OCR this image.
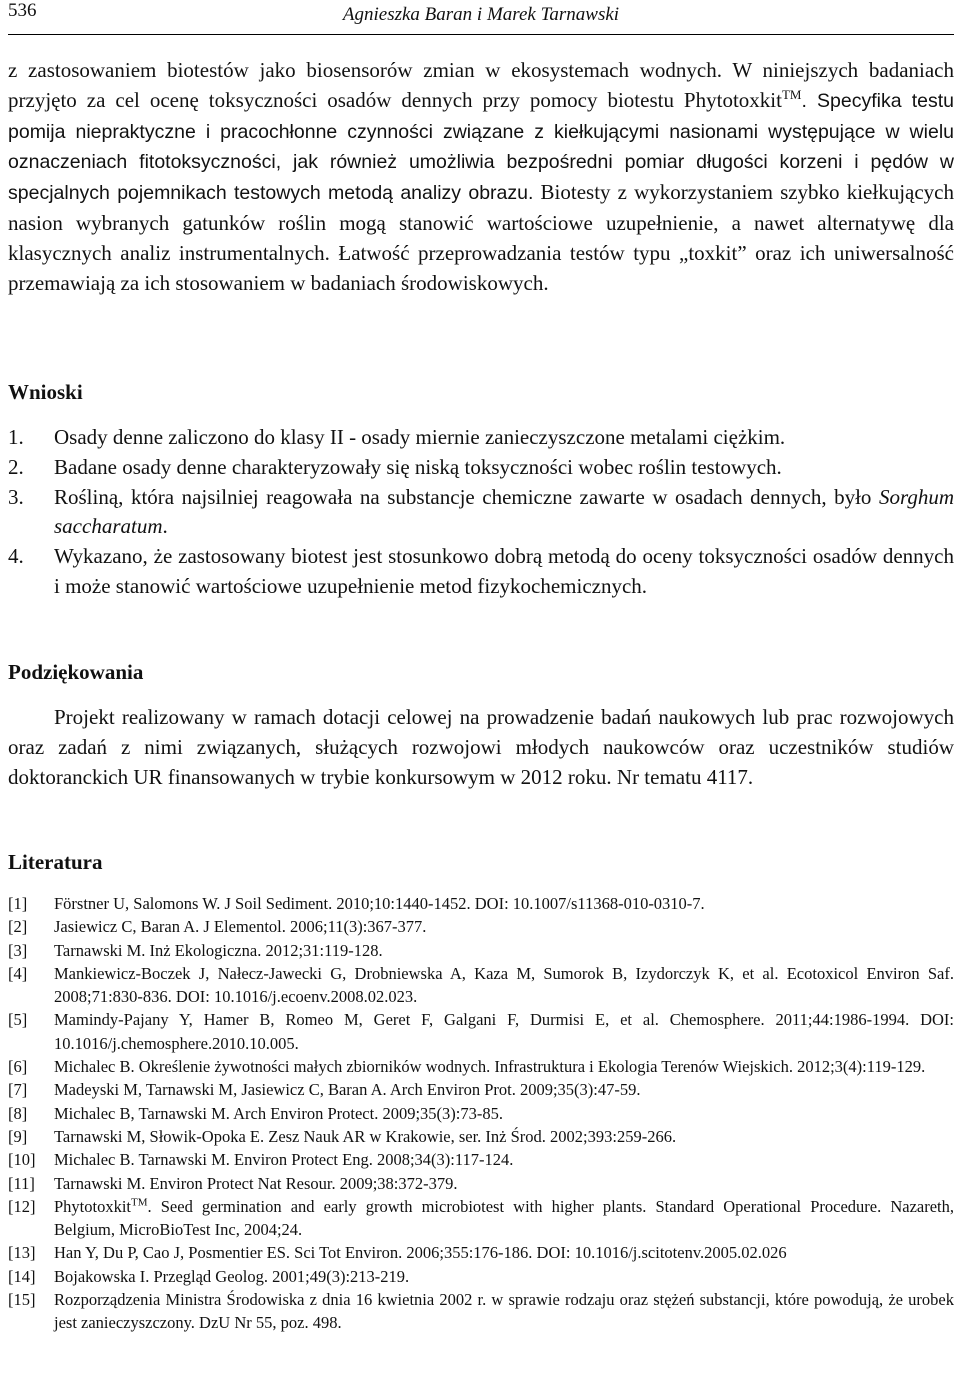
536	Agnieszka Baran i Marek Tarnawski

z zastosowaniem biotestów jako biosensorów zmian w ekosystemach wodnych. W niniejszych badaniach przyjęto za cel ocenę toksyczności osadów dennych przy pomocy biotestu Phytotoxkit™. Specyfika testu pomija niepraktyczne i pracochłonne czynności związane z kiełkującymi nasionami występujące w wielu oznaczeniach fitotoksyczności, jak również umożliwia bezpośredni pomiar długości korzeni i pędów w specjalnych pojemnikach testowych metodą analizy obrazu. Biotesty z wykorzystaniem szybko kiełkujących nasion wybranych gatunków roślin mogą stanowić wartościowe uzupełnienie, a nawet alternatywę dla klasycznych analiz instrumentalnych. Łatwość przeprowadzania testów typu „toxkit” oraz ich uniwersalność przemawiają za ich stosowaniem w badaniach środowiskowych.

Wnioski
1. Osady denne zaliczono do klasy II - osady miernie zanieczyszczone metalami ciężkim.
2. Badane osady denne charakteryzowały się niską toksyczności wobec roślin testowych.
3. Rośliną, która najsilniej reagowała na substancje chemiczne zawarte w osadach dennych, było Sorghum saccharatum.
4. Wykazano, że zastosowany biotest jest stosunkowo dobrą metodą do oceny toksyczności osadów dennych i może stanowić wartościowe uzupełnienie metod fizykochemicznych.
Podziękowania

Projekt realizowany w ramach dotacji celowej na prowadzenie badań naukowych lub prac rozwojowych oraz zadań z nimi związanych, służących rozwojowi młodych naukowców oraz uczestników studiów doktoranckich UR finansowanych w trybie konkursowym w 2012 roku. Nr tematu 4117.

Literatura
[1] Förstner U, Salomons W. J Soil Sediment. 2010;10:1440-1452. DOI: 10.1007/s11368-010-0310-7.
[2] Jasiewicz C, Baran A. J Elementol. 2006;11(3):367-377.
[3] Tarnawski M. Inż Ekologiczna. 2012;31:119-128.
[4] Mankiewicz-Boczek J, Nałecz-Jawecki G, Drobniewska A, Kaza M, Sumorok B, Izydorczyk K, et al. Ecotoxicol Environ Saf. 2008;71:830-836. DOI: 10.1016/j.ecoenv.2008.02.023.
[5] Mamindy-Pajany Y, Hamer B, Romeo M, Geret F, Galgani F, Durmisi E, et al. Chemosphere. 2011;44:1986-1994. DOI: 10.1016/j.chemosphere.2010.10.005.
[6] Michalec B. Określenie żywotności małych zbiorników wodnych. Infrastruktura i Ekologia Terenów Wiejskich. 2012;3(4):119-129.
[7] Madeyski M, Tarnawski M, Jasiewicz C, Baran A. Arch Environ Prot. 2009;35(3):47-59.
[8] Michalec B, Tarnawski M. Arch Environ Protect. 2009;35(3):73-85.
[9] Tarnawski M, Słowik-Opoka E. Zesz Nauk AR w Krakowie, ser. Inż Środ. 2002;393:259-266.
[10] Michalec B. Tarnawski M. Environ Protect Eng. 2008;34(3):117-124.
[11] Tarnawski M. Environ Protect Nat Resour. 2009;38:372-379.
[12] Phytotoxkit™. Seed germination and early growth microbiotest with higher plants. Standard Operational Procedure. Nazareth, Belgium, MicroBioTest Inc, 2004;24.
[13] Han Y, Du P, Cao J, Posmentier ES. Sci Tot Environ. 2006;355:176-186. DOI: 10.1016/j.scitotenv.2005.02.026
[14] Bojakowska I. Przegląd Geolog. 2001;49(3):213-219.
[15] Rozporządzenia Ministra Środowiska z dnia 16 kwietnia 2002 r. w sprawie rodzaju oraz stężeń substancji, które powodują, że urobek jest zanieczyszczony. DzU Nr 55, poz. 498.
